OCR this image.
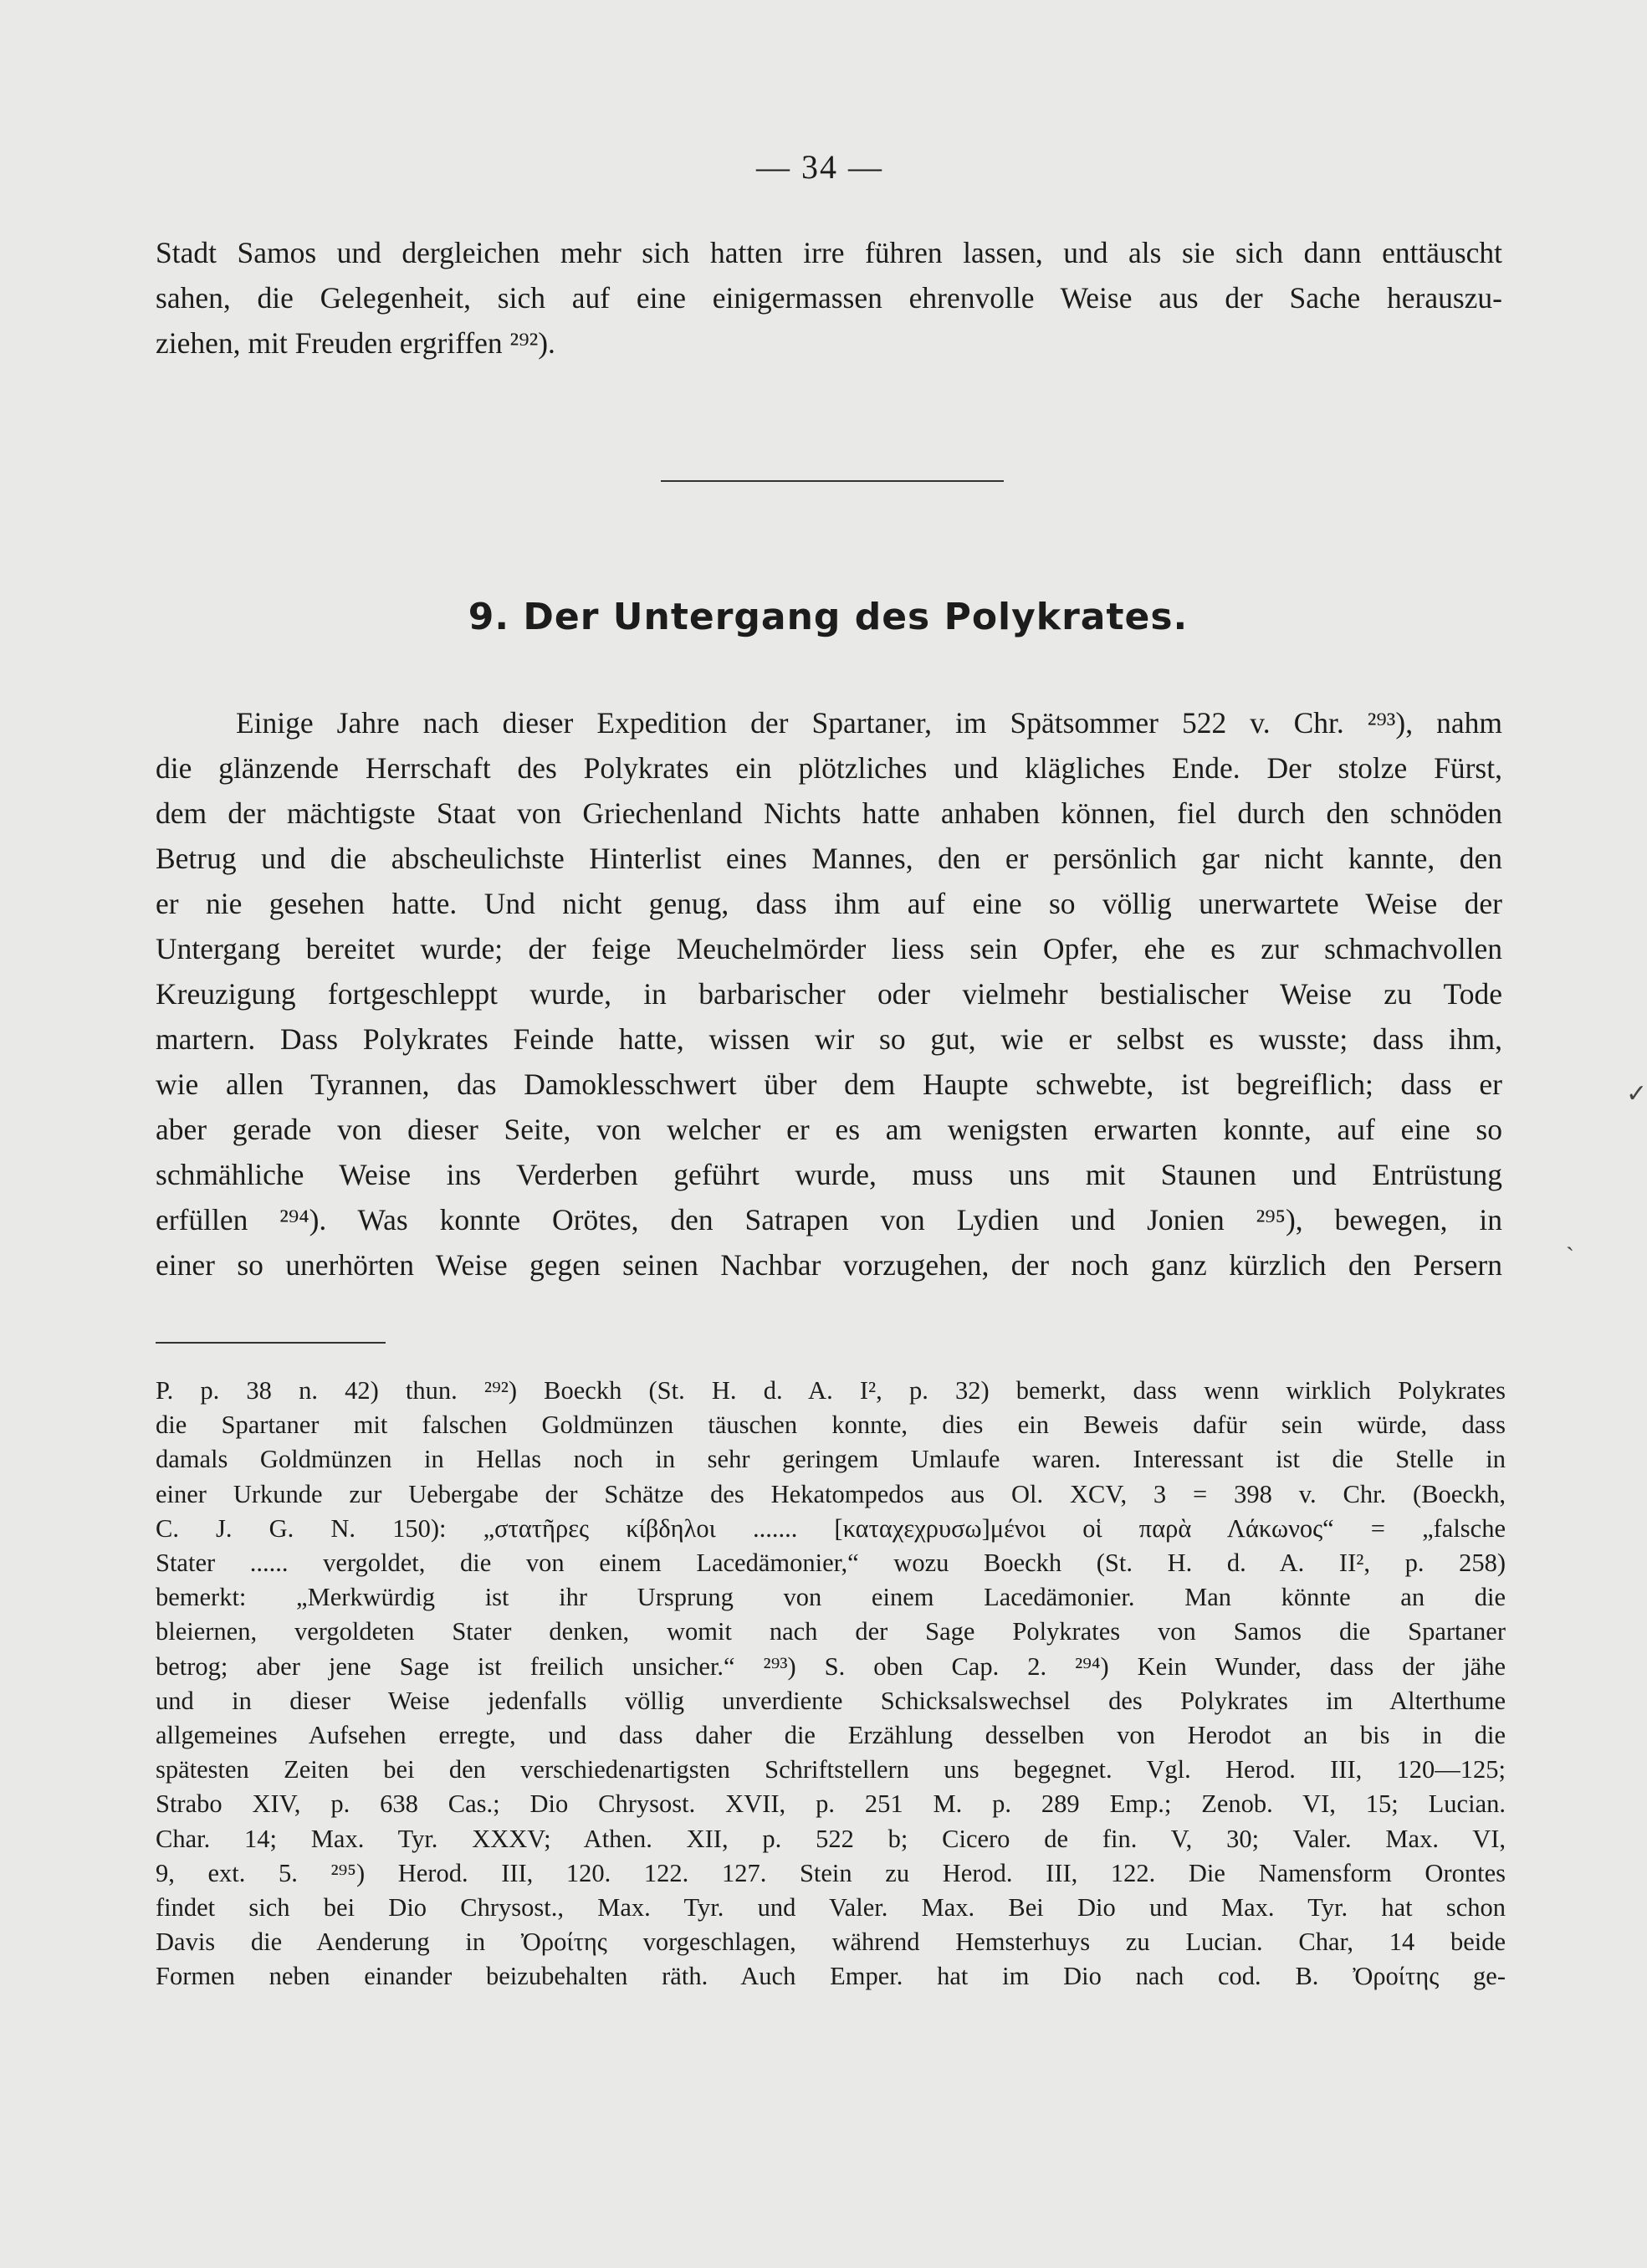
— 34 —
Stadt Samos und dergleichen mehr sich hatten irre führen lassen, und als sie sich dann enttäuscht
sahen, die Gelegenheit, sich auf eine einigermassen ehrenvolle Weise aus der Sache herauszu-
ziehen, mit Freuden ergriffen ²⁹²).
9. Der Untergang des Polykrates.
Einige Jahre nach dieser Expedition der Spartaner, im Spätsommer 522 v. Chr. ²⁹³), nahm
die glänzende Herrschaft des Polykrates ein plötzliches und klägliches Ende. Der stolze Fürst,
dem der mächtigste Staat von Griechenland Nichts hatte anhaben können, fiel durch den schnöden
Betrug und die abscheulichste Hinterlist eines Mannes, den er persönlich gar nicht kannte, den
er nie gesehen hatte. Und nicht genug, dass ihm auf eine so völlig unerwartete Weise der
Untergang bereitet wurde; der feige Meuchelmörder liess sein Opfer, ehe es zur schmachvollen
Kreuzigung fortgeschleppt wurde, in barbarischer oder vielmehr bestialischer Weise zu Tode
martern. Dass Polykrates Feinde hatte, wissen wir so gut, wie er selbst es wusste; dass ihm,
wie allen Tyrannen, das Damoklesschwert über dem Haupte schwebte, ist begreiflich; dass er
aber gerade von dieser Seite, von welcher er es am wenigsten erwarten konnte, auf eine so
schmähliche Weise ins Verderben geführt wurde, muss uns mit Staunen und Entrüstung
erfüllen ²⁹⁴). Was konnte Orötes, den Satrapen von Lydien und Jonien ²⁹⁵), bewegen, in
einer so unerhörten Weise gegen seinen Nachbar vorzugehen, der noch ganz kürzlich den Persern
P. p. 38 n. 42) thun. ²⁹²) Boeckh (St. H. d. A. I², p. 32) bemerkt, dass wenn wirklich Polykrates
die Spartaner mit falschen Goldmünzen täuschen konnte, dies ein Beweis dafür sein würde, dass
damals Goldmünzen in Hellas noch in sehr geringem Umlaufe waren. Interessant ist die Stelle in
einer Urkunde zur Uebergabe der Schätze des Hekatompedos aus Ol. XCV, 3 = 398 v. Chr. (Boeckh,
C. J. G. N. 150): „στατῆρες κίβδηλοι ....... [καταχεχρυσω]μένοι οἱ παρὰ Λάκωνος“ = „falsche
Stater ...... vergoldet, die von einem Lacedämonier,“ wozu Boeckh (St. H. d. A. II², p. 258)
bemerkt: „Merkwürdig ist ihr Ursprung von einem Lacedämonier. Man könnte an die
bleiernen, vergoldeten Stater denken, womit nach der Sage Polykrates von Samos die Spartaner
betrog; aber jene Sage ist freilich unsicher.“ ²⁹³) S. oben Cap. 2. ²⁹⁴) Kein Wunder, dass der jähe
und in dieser Weise jedenfalls völlig unverdiente Schicksalswechsel des Polykrates im Alterthume
allgemeines Aufsehen erregte, und dass daher die Erzählung desselben von Herodot an bis in die
spätesten Zeiten bei den verschiedenartigsten Schriftstellern uns begegnet. Vgl. Herod. III, 120—125;
Strabo XIV, p. 638 Cas.; Dio Chrysost. XVII, p. 251 M. p. 289 Emp.; Zenob. VI, 15; Lucian.
Char. 14; Max. Tyr. XXXV; Athen. XII, p. 522 b; Cicero de fin. V, 30; Valer. Max. VI,
9, ext. 5. ²⁹⁵) Herod. III, 120. 122. 127. Stein zu Herod. III, 122. Die Namensform Orontes
findet sich bei Dio Chrysost., Max. Tyr. und Valer. Max. Bei Dio und Max. Tyr. hat schon
Davis die Aenderung in Ὀροίτης vorgeschlagen, während Hemsterhuys zu Lucian. Char, 14 beide
Formen neben einander beizubehalten räth. Auch Emper. hat im Dio nach cod. B. Ὀροίτης ge-
✓
ˋ
